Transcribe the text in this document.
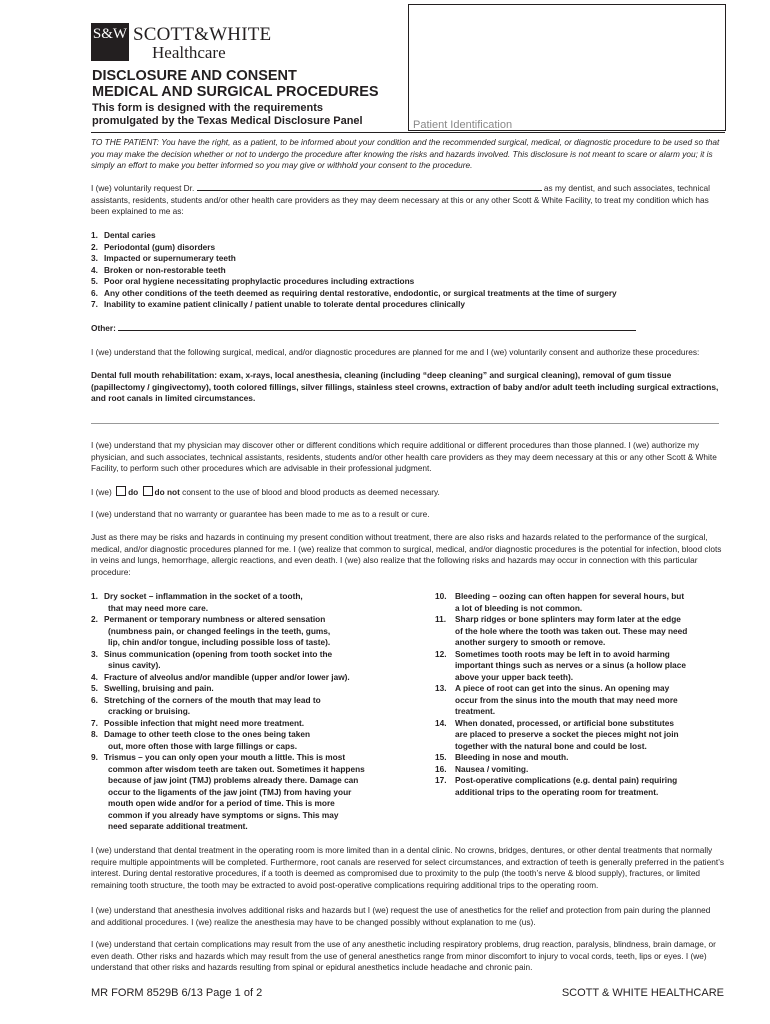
S&W SCOTT&WHITE
Healthcare
DISCLOSURE AND CONSENT
MEDICAL AND SURGICAL PROCEDURES
This form is designed with the requirements
promulgated by the Texas Medical Disclosure Panel	Patient Identification
TO THE PATIENT: You have the right, as a patient, to be informed about your condition and the recommended surgical, medical, or diagnostic procedure to be used so that you may make the decision whether or not to undergo the procedure after knowing the risks and hazards involved. This disclosure is not meant to scare or alarm you; it is simply an effort to make you better informed so you may give or withhold your consent to the procedure.
I (we) voluntarily request Dr.	as my dentist, and such associates, technical assistants, residents, students and/or other health care providers as they may deem necessary at this or any other Scott & White Facility, to treat my condition which has been explained to me as:
1. Dental caries
2. Periodontal (gum) disorders
3. Impacted or supernumerary teeth
4. Broken or non-restorable teeth
5. Poor oral hygiene necessitating prophylactic procedures including extractions
6. Any other conditions of the teeth deemed as requiring dental restorative, endodontic, or surgical treatments at the time of surgery
7. Inability to examine patient clinically / patient unable to tolerate dental procedures clinically
Other:
I (we) understand that the following surgical, medical, and/or diagnostic procedures are planned for me and I (we) voluntarily consent and authorize these procedures:
Dental full mouth rehabilitation: exam, x-rays, local anesthesia, cleaning (including “deep cleaning” and surgical cleaning), removal of gum tissue (papillectomy / gingivectomy), tooth colored fillings, silver fillings, stainless steel crowns, extraction of baby and/or adult teeth including surgical extractions, and root canals in limited circumstances.
I (we) understand that my physician may discover other or different conditions which require additional or different procedures than those planned. I (we) authorize my physician, and such associates, technical assistants, residents, students and/or other health care providers as they may deem necessary at this or any other Scott & White Facility, to perform such other procedures which are advisable in their professional judgment.
I (we) do do not consent to the use of blood and blood products as deemed necessary.
I (we) understand that no warranty or guarantee has been made to me as to a result or cure.
Just as there may be risks and hazards in continuing my present condition without treatment, there are also risks and hazards related to the performance of the surgical, medical, and/or diagnostic procedures planned for me. I (we) realize that common to surgical, medical, and/or diagnostic procedures is the potential for infection, blood clots in veins and lungs, hemorrhage, allergic reactions, and even death. I (we) also realize that the following risks and hazards may occur in connection with this particular procedure:
1. Dry socket – inflammation in the socket of a tooth,
that may need more care.
2. Permanent or temporary numbness or altered sensation
(numbness pain, or changed feelings in the teeth, gums,
lip, chin and/or tongue, including possible loss of taste).
3. Sinus communication (opening from tooth socket into the
sinus cavity).
4. Fracture of alveolus and/or mandible (upper and/or lower jaw).
5. Swelling, bruising and pain.
6. Stretching of the corners of the mouth that may lead to
cracking or bruising.
7. Possible infection that might need more treatment.
8. Damage to other teeth close to the ones being taken
out, more often those with large fillings or caps.
9. Trismus – you can only open your mouth a little. This is most
common after wisdom teeth are taken out. Sometimes it happens
because of jaw joint (TMJ) problems already there. Damage can
occur to the ligaments of the jaw joint (TMJ) from having your
mouth open wide and/or for a period of time. This is more
common if you already have symptoms or signs. This may
need separate additional treatment.
10. Bleeding – oozing can often happen for several hours, but
a lot of bleeding is not common.
11. Sharp ridges or bone splinters may form later at the edge
of the hole where the tooth was taken out. These may need
another surgery to smooth or remove.
12. Sometimes tooth roots may be left in to avoid harming
important things such as nerves or a sinus (a hollow place
above your upper back teeth).
13. A piece of root can get into the sinus. An opening may
occur from the sinus into the mouth that may need more
treatment.
14. When donated, processed, or artificial bone substitutes
are placed to preserve a socket the pieces might not join
together with the natural bone and could be lost.
15. Bleeding in nose and mouth.
16. Nausea / vomiting.
17. Post-operative complications (e.g. dental pain) requiring
additional trips to the operating room for treatment.
I (we) understand that dental treatment in the operating room is more limited than in a dental clinic. No crowns, bridges, dentures, or other dental treatments that normally require multiple appointments will be completed. Furthermore, root canals are reserved for select circumstances, and extraction of teeth is generally preferred in the patient’s interest. During dental restorative procedures, if a tooth is deemed as compromised due to proximity to the pulp (the tooth’s nerve & blood supply), fractures, or limited remaining tooth structure, the tooth may be extracted to avoid post-operative complications requiring additional trips to the operating room.
I (we) understand that anesthesia involves additional risks and hazards but I (we) request the use of anesthetics for the relief and protection from pain during the planned and additional procedures. I (we) realize the anesthesia may have to be changed possibly without explanation to me (us).
I (we) understand that certain complications may result from the use of any anesthetic including respiratory problems, drug reaction, paralysis, blindness, brain damage, or even death. Other risks and hazards which may result from the use of general anesthetics range from minor discomfort to injury to vocal cords, teeth, lips or eyes. I (we) understand that other risks and hazards resulting from spinal or epidural anesthetics include headache and chronic pain.
MR FORM 8529B 6/13 Page 1 of 2	SCOTT & WHITE HEALTHCARE
